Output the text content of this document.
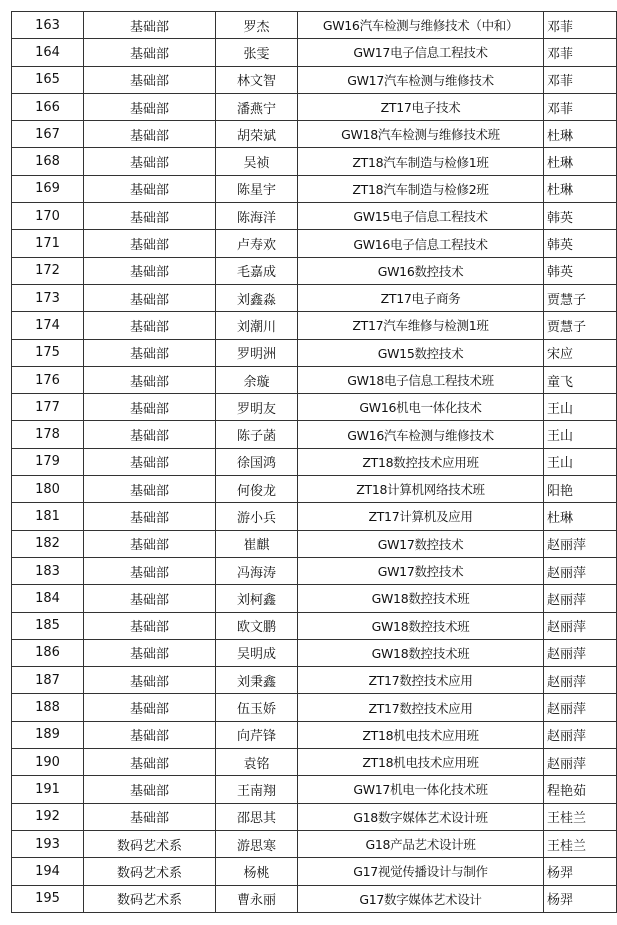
163	基础部	罗杰	GW16汽车检测与维修技术（中和）	邓菲
164	基础部	张雯	GW17电子信息工程技术	邓菲
165	基础部	林文智	GW17汽车检测与维修技术	邓菲
166	基础部	潘燕宁	ZT17电子技术	邓菲
167	基础部	胡荣斌	GW18汽车检测与维修技术班	杜琳
168	基础部	吴祯	ZT18汽车制造与检修1班	杜琳
169	基础部	陈星宇	ZT18汽车制造与检修2班	杜琳
170	基础部	陈海洋	GW15电子信息工程技术	韩英
171	基础部	卢寿欢	GW16电子信息工程技术	韩英
172	基础部	毛嘉成	GW16数控技术	韩英
173	基础部	刘鑫淼	ZT17电子商务	贾慧子
174	基础部	刘潮川	ZT17汽车维修与检测1班	贾慧子
175	基础部	罗明洲	GW15数控技术	宋应
176	基础部	余璇	GW18电子信息工程技术班	童飞
177	基础部	罗明友	GW16机电一体化技术	王山
178	基础部	陈子菡	GW16汽车检测与维修技术	王山
179	基础部	徐国鸿	ZT18数控技术应用班	王山
180	基础部	何俊龙	ZT18计算机网络技术班	阳艳
181	基础部	游小兵	ZT17计算机及应用	杜琳
182	基础部	崔麒	GW17数控技术	赵丽萍
183	基础部	冯海涛	GW17数控技术	赵丽萍
184	基础部	刘柯鑫	GW18数控技术班	赵丽萍
185	基础部	欧文鹏	GW18数控技术班	赵丽萍
186	基础部	吴明成	GW18数控技术班	赵丽萍
187	基础部	刘秉鑫	ZT17数控技术应用	赵丽萍
188	基础部	伍玉娇	ZT17数控技术应用	赵丽萍
189	基础部	向芹锋	ZT18机电技术应用班	赵丽萍
190	基础部	袁铭	ZT18机电技术应用班	赵丽萍
191	基础部	王南翔	GW17机电一体化技术班	程艳茹
192	基础部	邵思其	G18数字媒体艺术设计班	王桂兰
193	数码艺术系	游思寒	G18产品艺术设计班	王桂兰
194	数码艺术系	杨桃	G17视觉传播设计与制作	杨羿
195	数码艺术系	曹永丽	G17数字媒体艺术设计	杨羿
